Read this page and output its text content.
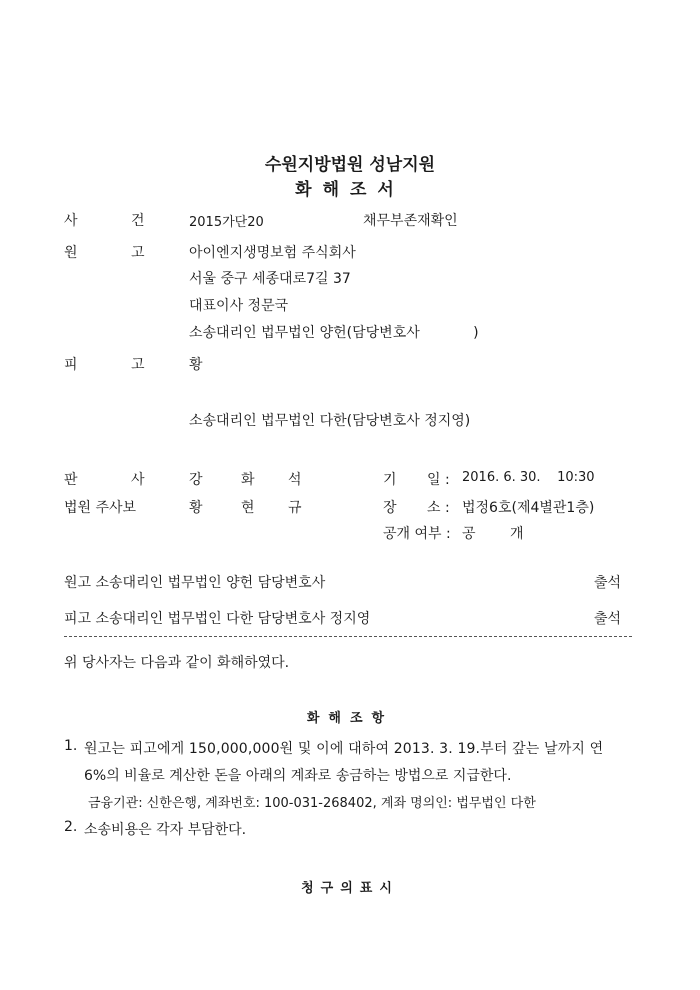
수원지방법원 성남지원
화해조서
사	건	2015가단20	채무부존재확인
원	고	아이엔지생명보험 주식회사
서울 중구 세종대로7길 37
대표이사 정문국
소송대리인 법무법인 양헌(담당변호사            )
피	고	황
소송대리인 법무법인 다한(담당변호사 정지영)
판	사	강	화 석	기 일 : 2016. 6. 30.    10:30
법원 주사보	황	현 규	장 소 : 법정6호(제4별관1층)
공개 여부 : 공 개
원고 소송대리인 법무법인 양헌 담당변호사	출석
피고 소송대리인 법무법인 다한 담당변호사 정지영	출석
위 당사자는 다음과 같이 화해하였다.
화해조항
1. 원고는 피고에게 150,000,000원 및 이에 대하여 2013. 3. 19.부터 갚는 날까지 연
6%의 비율로 계산한 돈을 아래의 계좌로 송금하는 방법으로 지급한다.
금융기관: 신한은행, 계좌번호: 100-031-268402, 계좌 명의인: 법무법인 다한
2. 소송비용은 각자 부담한다.
청구의표시
